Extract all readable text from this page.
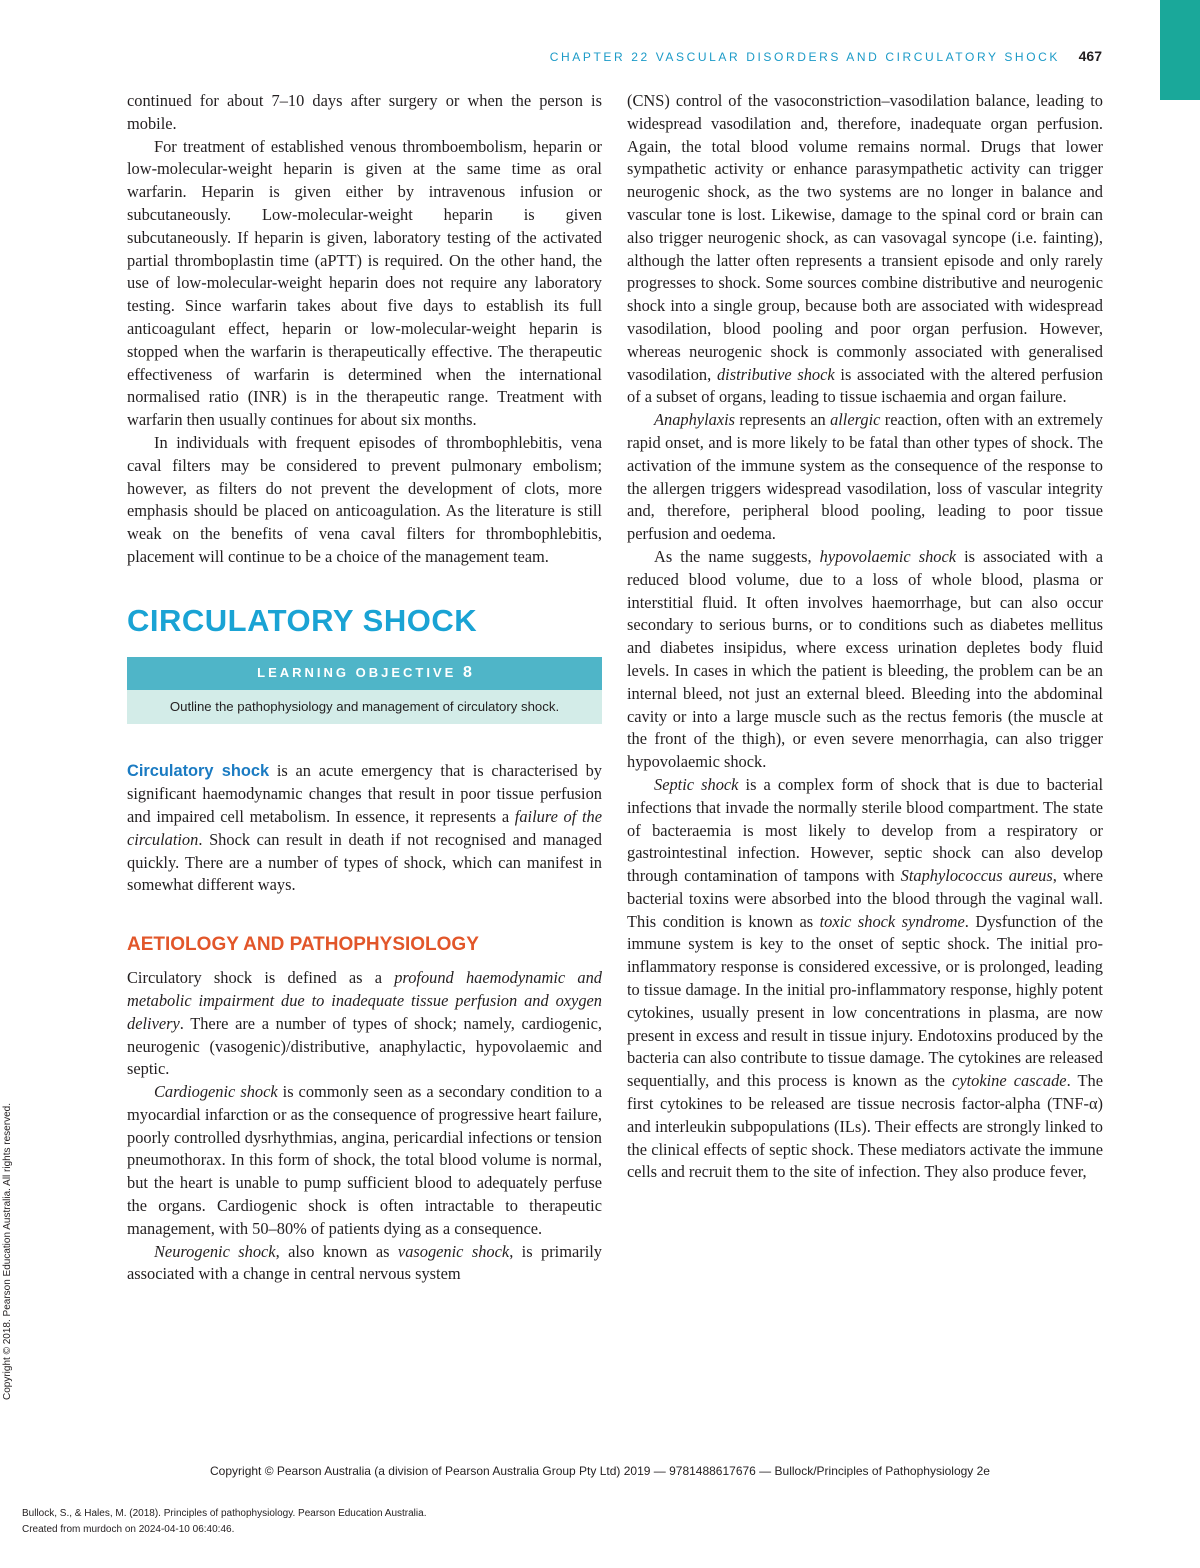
CHAPTER 22 VASCULAR DISORDERS AND CIRCULATORY SHOCK 467

continued for about 7–10 days after surgery or when the person is mobile.

For treatment of established venous thromboembolism, heparin or low-molecular-weight heparin is given at the same time as oral warfarin. Heparin is given either by intravenous infusion or subcutaneously. Low-molecular-weight heparin is given subcutaneously. If heparin is given, laboratory testing of the activated partial thromboplastin time (aPTT) is required. On the other hand, the use of low-molecular-weight heparin does not require any laboratory testing. Since warfarin takes about five days to establish its full anticoagulant effect, heparin or low-molecular-weight heparin is stopped when the warfarin is therapeutically effective. The therapeutic effectiveness of warfarin is determined when the international normalised ratio (INR) is in the therapeutic range. Treatment with warfarin then usually continues for about six months.

In individuals with frequent episodes of thrombophlebitis, vena caval filters may be considered to prevent pulmonary embolism; however, as filters do not prevent the development of clots, more emphasis should be placed on anticoagulation. As the literature is still weak on the benefits of vena caval filters for thrombophlebitis, placement will continue to be a choice of the management team.

CIRCULATORY SHOCK
LEARNING OBJECTIVE 8
Outline the pathophysiology and management of circulatory shock.

Circulatory shock is an acute emergency that is characterised by significant haemodynamic changes that result in poor tissue perfusion and impaired cell metabolism. In essence, it represents a failure of the circulation. Shock can result in death if not recognised and managed quickly. There are a number of types of shock, which can manifest in somewhat different ways.

AETIOLOGY AND PATHOPHYSIOLOGY

Circulatory shock is defined as a profound haemodynamic and metabolic impairment due to inadequate tissue perfusion and oxygen delivery. There are a number of types of shock; namely, cardiogenic, neurogenic (vasogenic)/distributive, anaphylactic, hypovolaemic and septic.

Cardiogenic shock is commonly seen as a secondary condition to a myocardial infarction or as the consequence of progressive heart failure, poorly controlled dysrhythmias, angina, pericardial infections or tension pneumothorax. In this form of shock, the total blood volume is normal, but the heart is unable to pump sufficient blood to adequately perfuse the organs. Cardiogenic shock is often intractable to therapeutic management, with 50–80% of patients dying as a consequence.

Neurogenic shock, also known as vasogenic shock, is primarily associated with a change in central nervous system

(CNS) control of the vasoconstriction–vasodilation balance, leading to widespread vasodilation and, therefore, inadequate organ perfusion. Again, the total blood volume remains normal. Drugs that lower sympathetic activity or enhance parasympathetic activity can trigger neurogenic shock, as the two systems are no longer in balance and vascular tone is lost. Likewise, damage to the spinal cord or brain can also trigger neurogenic shock, as can vasovagal syncope (i.e. fainting), although the latter often represents a transient episode and only rarely progresses to shock. Some sources combine distributive and neurogenic shock into a single group, because both are associated with widespread vasodilation, blood pooling and poor organ perfusion. However, whereas neurogenic shock is commonly associated with generalised vasodilation, distributive shock is associated with the altered perfusion of a subset of organs, leading to tissue ischaemia and organ failure.

Anaphylaxis represents an allergic reaction, often with an extremely rapid onset, and is more likely to be fatal than other types of shock. The activation of the immune system as the consequence of the response to the allergen triggers widespread vasodilation, loss of vascular integrity and, therefore, peripheral blood pooling, leading to poor tissue perfusion and oedema.

As the name suggests, hypovolaemic shock is associated with a reduced blood volume, due to a loss of whole blood, plasma or interstitial fluid. It often involves haemorrhage, but can also occur secondary to serious burns, or to conditions such as diabetes mellitus and diabetes insipidus, where excess urination depletes body fluid levels. In cases in which the patient is bleeding, the problem can be an internal bleed, not just an external bleed. Bleeding into the abdominal cavity or into a large muscle such as the rectus femoris (the muscle at the front of the thigh), or even severe menorrhagia, can also trigger hypovolaemic shock.

Septic shock is a complex form of shock that is due to bacterial infections that invade the normally sterile blood compartment. The state of bacteraemia is most likely to develop from a respiratory or gastrointestinal infection. However, septic shock can also develop through contamination of tampons with Staphylococcus aureus, where bacterial toxins were absorbed into the blood through the vaginal wall. This condition is known as toxic shock syndrome. Dysfunction of the immune system is key to the onset of septic shock. The initial pro-inflammatory response is considered excessive, or is prolonged, leading to tissue damage. In the initial pro-inflammatory response, highly potent cytokines, usually present in low concentrations in plasma, are now present in excess and result in tissue injury. Endotoxins produced by the bacteria can also contribute to tissue damage. The cytokines are released sequentially, and this process is known as the cytokine cascade. The first cytokines to be released are tissue necrosis factor-alpha (TNF-α) and interleukin subpopulations (ILs). Their effects are strongly linked to the clinical effects of septic shock. These mediators activate the immune cells and recruit them to the site of infection. They also produce fever,

Copyright © 2018. Pearson Education Australia. All rights reserved.
Copyright © Pearson Australia (a division of Pearson Australia Group Pty Ltd) 2019 — 9781488617676 — Bullock/Principles of Pathophysiology 2e
Bullock, S., & Hales, M. (2018). Principles of pathophysiology. Pearson Education Australia.
Created from murdoch on 2024-04-10 06:40:46.
